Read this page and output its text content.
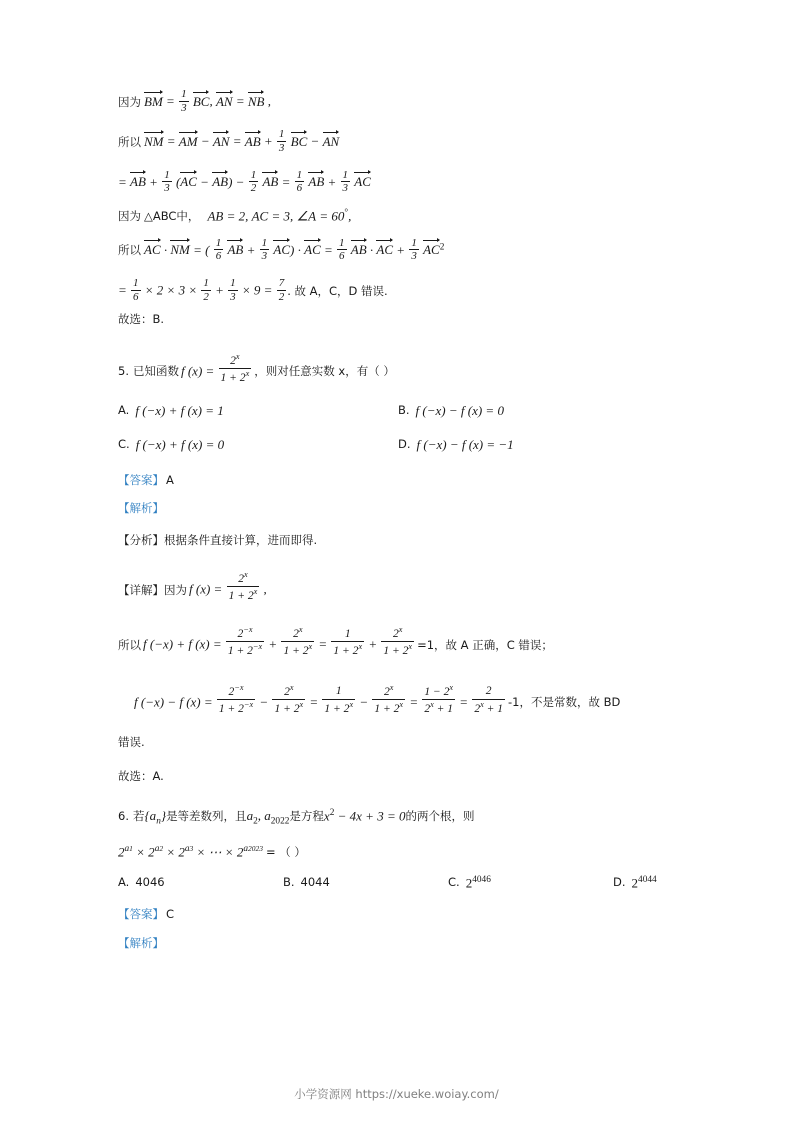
因为 BM = $\frac{1}{3}$ BC, AN = NB ,
所以 NM = AM − AN = AB + $\frac{1}{3}$ BC − AN
= AB + $\frac{1}{3} (AC - AB) - \frac{1}{2}$ AB = $\frac{1}{6}$ AB + $\frac{1}{3}$ AC
因为 △ABC中， AB = 2, AC = 3, ∠A = 60°,
所以 AC · NM = ( $\frac{1}{6}$ AB + $\frac{1}{3} AC$) · AC = $\frac{1}{6}$ AB · AC + $\frac{1}{3} AC^2$
= $\frac{1}{6} \times 2 \times 3 \times \frac{1}{2} + \frac{1}{3} \times 9 = \frac{7}{2}$ . 故 A，C，D 错误.
故选：B.
5. 已知函数 f $(x) = \frac{2^x}{1 + 2^x}$ ，则对任意实数 x，有（ ）
A. f (−x) + f (x) = 1	B. f (−x) − f (x) = 0
C. f (−x) + f (x) = 0	D. f (−x) − f (x) = −1
【答案】 A
【解析】
【分析】 根据条件直接计算，进而即得.
【详解】 因为 f $(x) = \frac{2^x}{1 + 2^x}$ ,
所以 f (−x) + f $(x) = \frac{2^{-x}}{1 + 2^{-x}} + \frac{2^x}{1 + 2^x} = \frac{1}{1 + 2^x} + \frac{2^x}{1 + 2^x} =1$，故 A 正确，C 错误；
f (−x) − f $(x) = \frac{2^{-x}}{1 + 2^{-x}} - \frac{2^x}{1 + 2^x} = \frac{1}{1 + 2^x} - \frac{2^x}{1 + 2^x} = \frac{1 - 2^x}{2^x + 1} = \frac{2}{2^x + 1} -1$，不是常数，故 BD
错误.
故选：A.
6. 若 $\{a_n\}$ 是等差数列，且 $a_2$, $a_{2022}$ 是方程 $x^2 - 4x + 3 = 0$ 的两个根，则
$2^{a1} \times 2^{a2} \times 2^{a3}$ × ⋯ × $2^{a2023}$ = （ ）
A. 4046	B. 4044	C. $2^{4046}$	D. $2^{4044}$
【答案】 C
【解析】
小学资源网 https://xueke.woiay.com/
